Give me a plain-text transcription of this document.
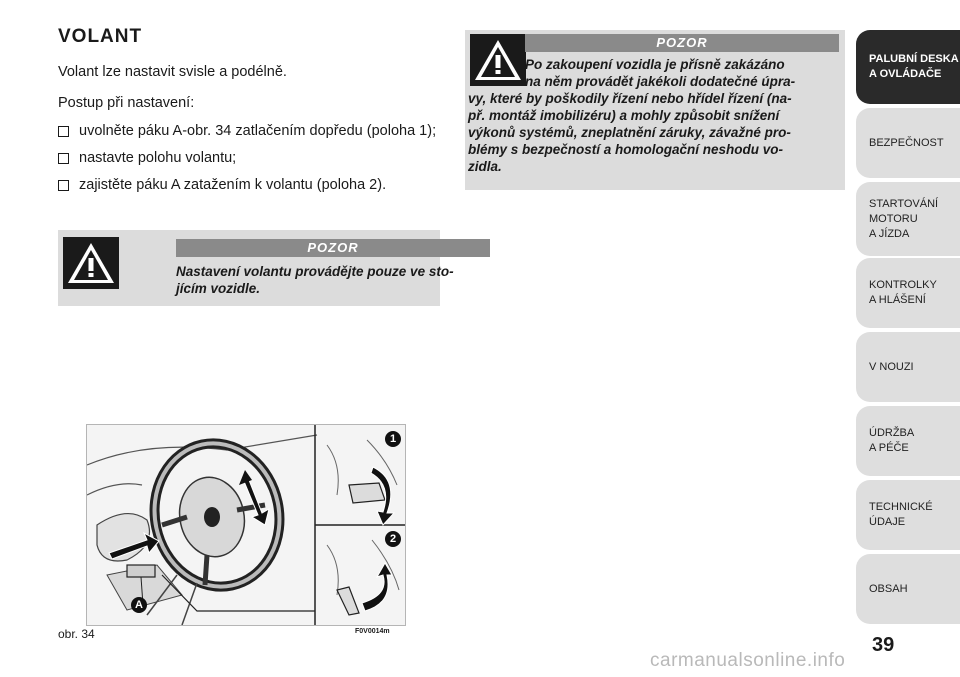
VOLANT
Volant lze nastavit svisle a podélně.
Postup při nastavení:
uvolněte páku A-obr. 34 zatlačením dopředu (poloha 1);
nastavte polohu volantu;
zajistěte páku A zatažením k volantu (poloha 2).
POZOR
Nastavení volantu provádějte pouze ve sto-
jícím vozidle.
POZOR
Po zakoupení vozidla je přísně zakázáno
na něm provádět jakékoli dodatečné úpra-
vy, které by poškodily řízení nebo hřídel řízení (na-
př. montáž imobilizéru) a mohly způsobit snížení
výkonů systémů, zneplatnění záruky, závažné pro-
blémy s bezpečností a homologační neshodu vo-
zidla.
1
2
A
obr. 34	F0V0014m
PALUBNÍ DESKA
A OVLÁDAČE
BEZPEČNOST
STARTOVÁNÍ
MOTORU
A JÍZDA
KONTROLKY
A HLÁŠENÍ
V NOUZI
ÚDRŽBA
A PÉČE
TECHNICKÉ
ÚDAJE
OBSAH
39
carmanualsonline.info
